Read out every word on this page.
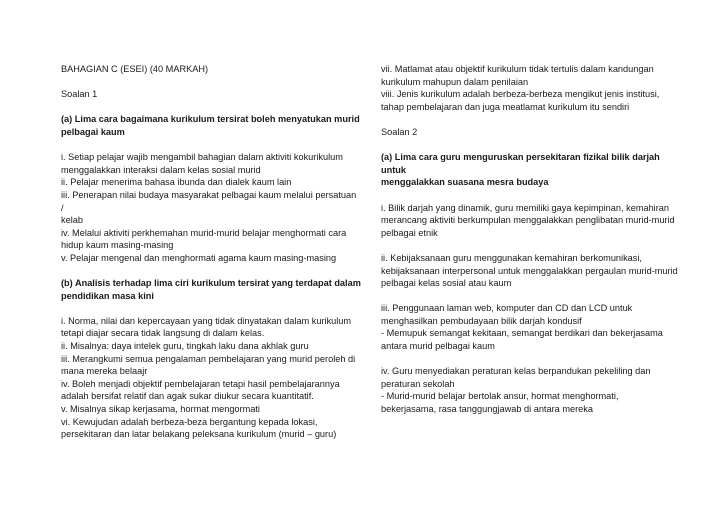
BAHAGIAN C (ESEI) (40 MARKAH)

Soalan 1

(a) Lima cara bagaimana kurikulum tersirat boleh menyatukan murid
pelbagai kaum

i. Setiap pelajar wajib mengambil bahagian dalam aktiviti kokurikulum
menggalakkan interaksi dalam kelas sosial murid

ii. Pelajar menerima bahasa ibunda dan dialek kaum lain

iii. Penerapan nilai budaya masyarakat pelbagai kaum melalui persatuan /
kelab

iv. Melalui aktiviti perkhemahan murid-murid belajar menghormati cara
hidup kaum masing-masing

v. Pelajar mengenal dan menghormati agama kaum masing-masing

(b) Analisis terhadap lima ciri kurikulum tersirat yang terdapat dalam
pendidikan masa kini

i. Norma, nilai dan kepercayaan yang tidak dinyatakan dalam kurikulum
tetapi diajar secara tidak langsung di dalam kelas.

ii. Misalnya: daya intelek guru, tingkah laku dana akhlak guru

iii. Merangkumi semua pengalaman pembelajaran yang murid peroleh di
mana mereka belaajr

iv. Boleh menjadi objektif pembelajaran tetapi hasil pembelajarannya
adalah bersifat relatif dan agak sukar diukur secara kuantitatif.

v. Misalnya sikap kerjasama, hormat mengormati

vi. Kewujudan adalah berbeza-beza bergantung kepada lokasi,
persekitaran dan latar belakang peleksana kurikulum (murid – guru)

vii. Matlamat atau objektif kurikulum tidak tertulis dalam kandungan
kurikulum mahupun dalam penilaian

viii. Jenis kurikulum adalah berbeza-berbeza mengikut jenis institusi,
tahap pembelajaran dan juga meatlamat kurikulum itu sendiri

Soalan 2

(a) Lima cara guru menguruskan persekitaran fizikal bilik darjah untuk
menggalakkan suasana mesra budaya

i. Bilik darjah yang dinamik, guru memiliki gaya kepimpinan, kemahiran
merancang aktiviti berkumpulan menggalakkan penglibatan murid-murid
pelbagai etnik

ii. Kebijaksanaan guru menggunakan kemahiran berkomunikasi,
kebijaksanaan interpersonal untuk menggalakkan pergaulan murid-murid
pelbagai kelas sosial atau kaum

iii. Penggunaan laman web, komputer dan CD dan LCD untuk
menghasilkan pembudayaan bilik darjah kondusif
- Memupuk semangat kekitaan, semangat berdikari dan bekerjasama
antara murid pelbagai kaum

iv. Guru menyediakan peraturan kelas berpandukan pekeliling dan
peraturan sekolah
- Murid-murid belajar bertolak ansur, hormat menghormati,
bekerjasama, rasa tanggungjawab di antara mereka
